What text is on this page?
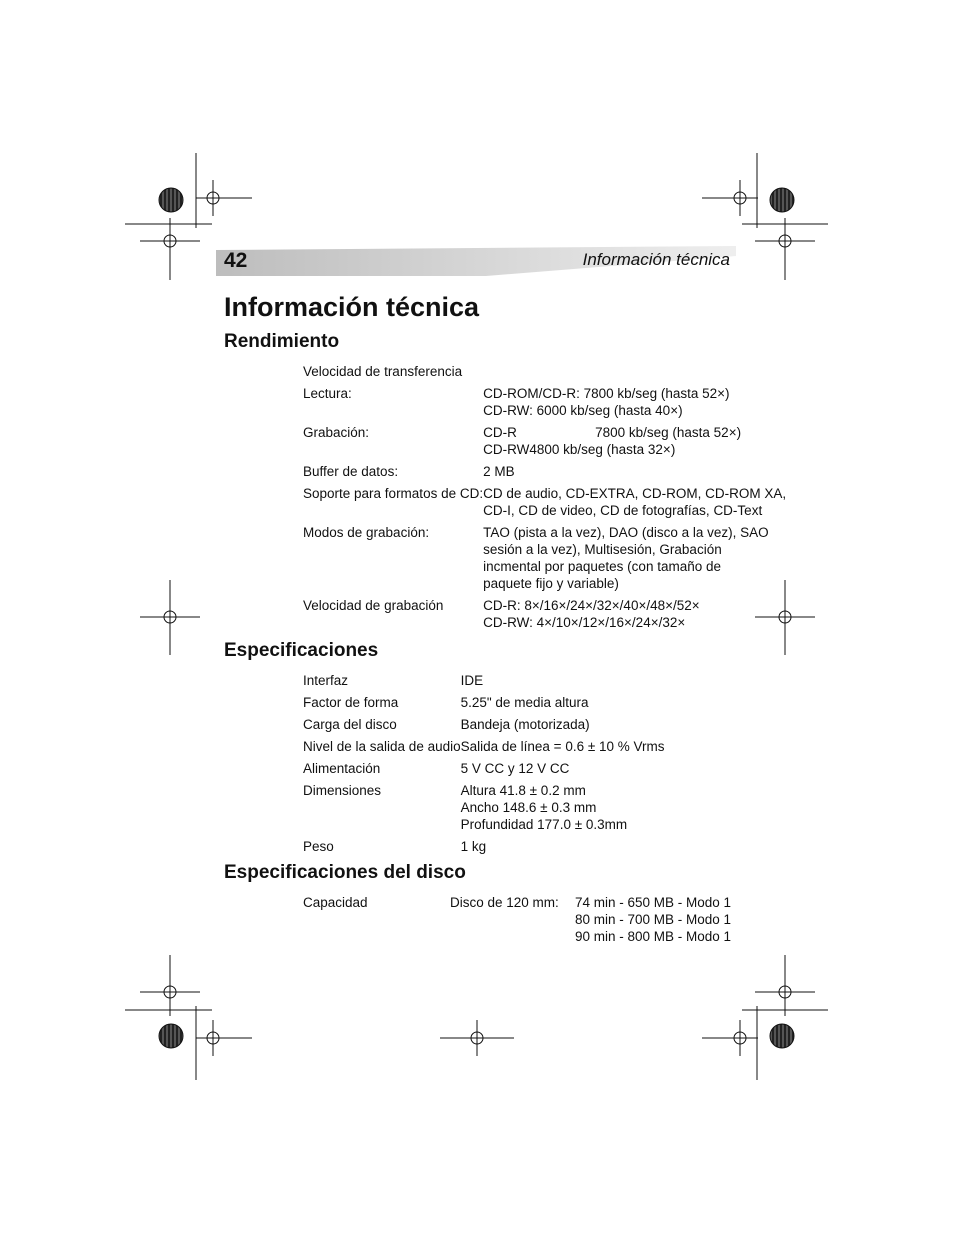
42	Información técnica
Información técnica
Rendimiento
Velocidad de transferencia	
Lectura:	CD-ROM/CD-R: 7800 kb/seg (hasta 52×)
CD-RW: 6000 kb/seg (hasta 40×)

Grabación:	CD-R 7800 kb/seg (hasta 52×)
CD-RW4800 kb/seg (hasta 32×)

Buffer de datos:	2 MB
Soporte para formatos de CD:	CD de audio, CD-EXTRA, CD-ROM, CD-ROM XA,
CD-I, CD de video, CD de fotografías, CD-Text

Modos de grabación:	TAO (pista a la vez), DAO (disco a la vez), SAO
sesión a la vez), Multisesión, Grabación
incmental por paquetes (con tamaño de
paquete fijo y variable)

Velocidad de grabación	CD-R: 8×/16×/24×/32×/40×/48×/52×
CD-RW: 4×/10×/12×/16×/24×/32×
Especificaciones
Interfaz	IDE
Factor de forma	5.25" de media altura
Carga del disco	Bandeja (motorizada)
Nivel de la salida de audio	Salida de línea = 0.6 ± 10 % Vrms
Alimentación	5 V CC y 12 V CC
Dimensiones	Altura 41.8 ± 0.2 mm
Ancho 148.6 ± 0.3 mm
Profundidad 177.0 ± 0.3mm

Peso	1 kg
Especificaciones del disco
Capacidad	Disco de 120 mm:	74 min - 650 MB - Modo 1
80 min - 700 MB - Modo 1
90 min - 800 MB - Modo 1
